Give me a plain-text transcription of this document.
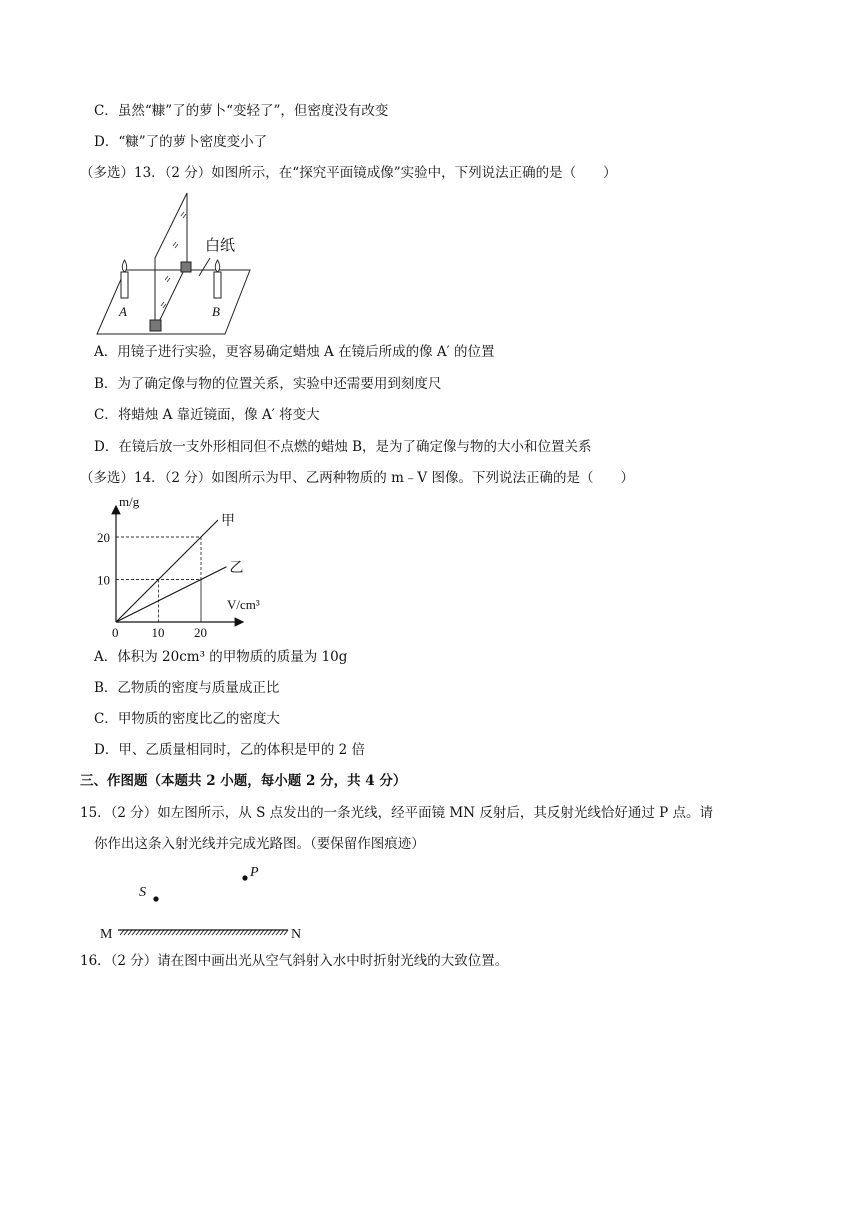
C．虽然“糠”了的萝卜“变轻了”，但密度没有改变
D．“糠”了的萝卜密度变小了
（多选）13．（2 分）如图所示，在“探究平面镜成像”实验中，下列说法正确的是（　　）
白纸
A	B
A．用镜子进行实验，更容易确定蜡烛 A 在镜后所成的像 A′ 的位置
B．为了确定像与物的位置关系，实验中还需要用到刻度尺
C．将蜡烛 A 靠近镜面，像 A′ 将变大
D．在镜后放一支外形相同但不点燃的蜡烛 B，是为了确定像与物的大小和位置关系
（多选）14．（2 分）如图所示为甲、乙两种物质的 m﹣V 图像。下列说法正确的是（　　）
甲
乙
0	10 20
10
20
m/g
V/cm³
A．体积为 20cm³ 的甲物质的质量为 10g
B．乙物质的密度与质量成正比
C．甲物质的密度比乙的密度大
D．甲、乙质量相同时，乙的体积是甲的 2 倍
三、作图题（本题共 2 小题，每小题 2 分，共 4 分）
15．（2 分）如左图所示，从 S 点发出的一条光线，经平面镜 MN 反射后，其反射光线恰好通过 P 点。请
你作出这条入射光线并完成光路图。（要保留作图痕迹）
P
S
M	N
16．（2 分）请在图中画出光从空气斜射入水中时折射光线的大致位置。
